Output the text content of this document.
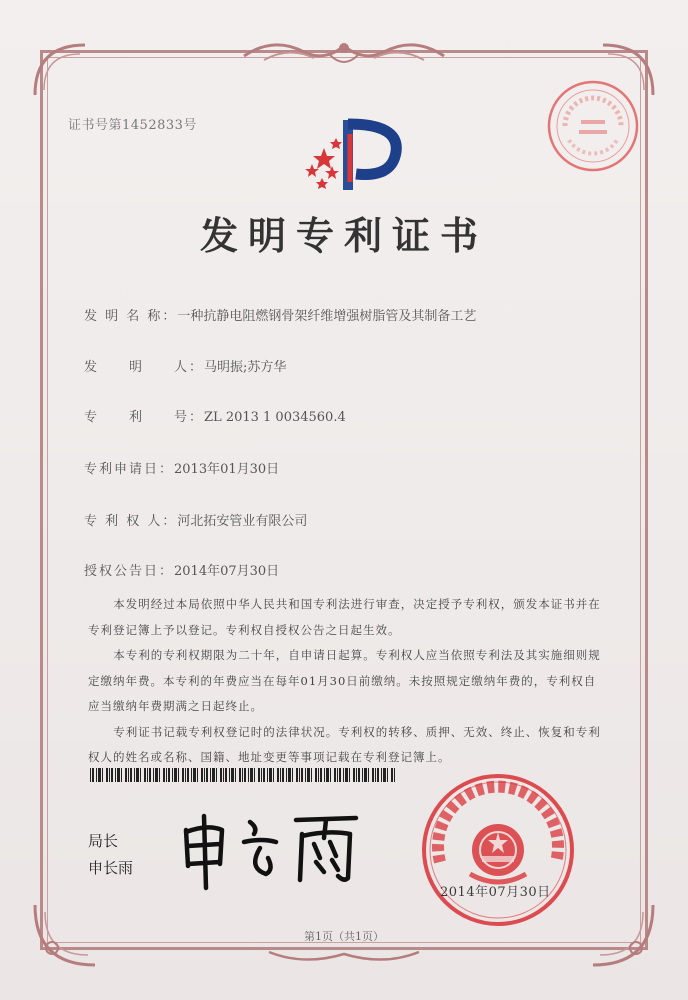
证书号第1452833号
发明专利证书
发 明 名 称：一种抗静电阻燃钢骨架纤维增强树脂管及其制备工艺
发　　明　　人：马明振;苏方华
专　　利　　号：ZL 2013 1 0034560.4
专利申请日：2013年01月30日
专 利 权 人：河北拓安管业有限公司
授权公告日：2014年07月30日

本发明经过本局依照中华人民共和国专利法进行审查，决定授予专利权，颁发本证书并在专利登记簿上予以登记。专利权自授权公告之日起生效。

本专利的专利权期限为二十年，自申请日起算。专利权人应当依照专利法及其实施细则规定缴纳年费。本专利的年费应当在每年01月30日前缴纳。未按照规定缴纳年费的，专利权自应当缴纳年费期满之日起终止。

专利证书记载专利权登记时的法律状况。专利权的转移、质押、无效、终止、恢复和专利权人的姓名或名称、国籍、地址变更等事项记载在专利登记簿上。

局长
申长雨
2014年07月30日
第1页（共1页）
